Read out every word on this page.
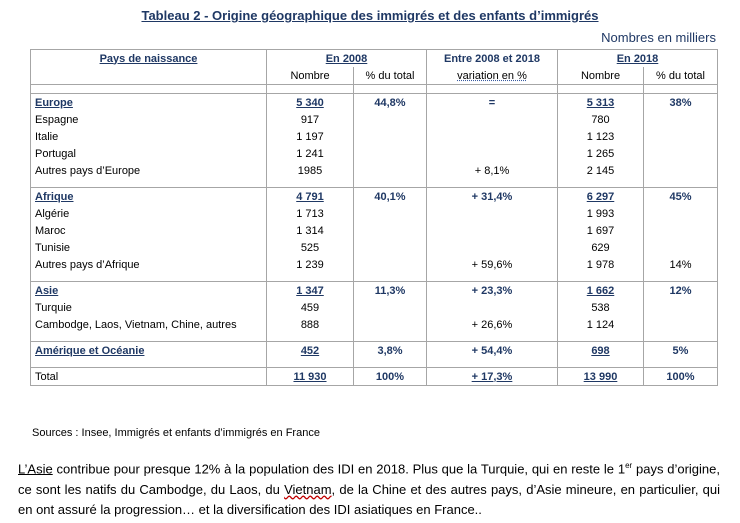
Tableau 2 - Origine géographique des immigrés et des enfants d’immigrés
Nombres en milliers
Pays de naissance	En 2008		Entre 2008 et 2018	En 2018	
	Nombre	% du total	variation en %	Nombre	% du total

Europe	5 340	44,8%	=	5 313	38%
Espagne	917			780	
Italie	1 197			1 123	
Portugal	1 241			1 265	
Autres pays d’Europe	1985		+ 8,1%	2 145	

Afrique	4 791	40,1%	+ 31,4%	6 297	45%
Algérie	1 713			1 993	
Maroc	1 314			1 697	
Tunisie	525			629	
Autres pays d’Afrique	1 239		+ 59,6%	1 978	14%

Asie	1 347	11,3%	+ 23,3%	1 662	12%
Turquie	459			538	
Cambodge, Laos, Vietnam, Chine, autres	888		+ 26,6%	1 124	

Amérique et Océanie	452	3,8%	+ 54,4%	698	5%

Total	11 930	100%	+ 17,3%	13 990	100%
Sources : Insee, Immigrés et enfants d’immigrés en France
L’Asie contribue pour presque 12% à la population des IDI en 2018. Plus que la Turquie, qui en reste le 1er pays d’origine, ce sont les natifs du Cambodge, du Laos, du Vietnam, de la Chine et des autres pays, d’Asie mineure, en particulier, qui en ont assuré la progression… et la diversification des IDI asiatiques en France..
